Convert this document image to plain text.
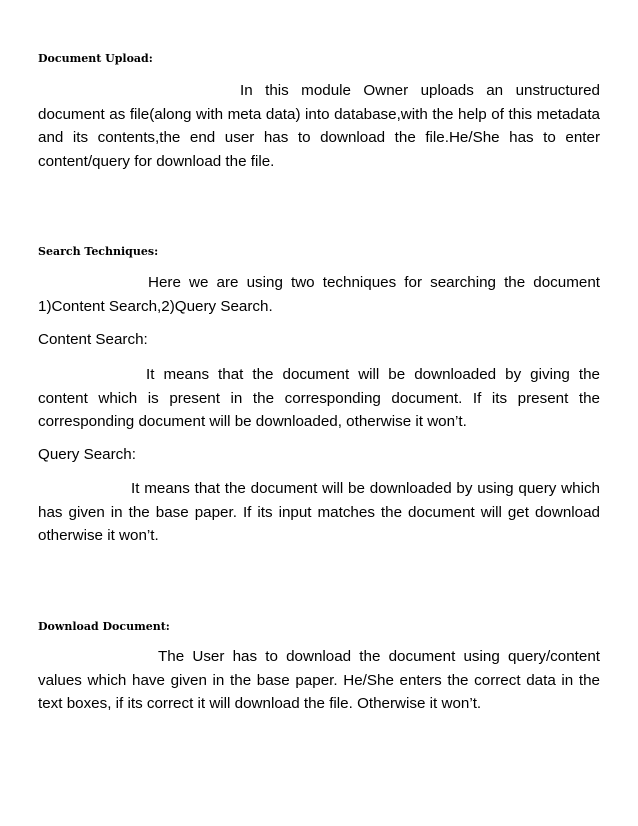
Document Upload:
In this module Owner uploads an unstructured document as file(along with meta data) into database,with the help of this metadata and its contents,the end user has to download the file.He/She has to enter content/query for download the file.
Search Techniques:
Here we are using two techniques for searching the document 1)Content Search,2)Query Search.
Content Search:
It means that the document will be downloaded by giving the content which is present in the corresponding document. If its present the corresponding document will be downloaded, otherwise it won’t.
Query Search:
It means that the document will be downloaded by using query which has given in the base paper. If its input matches the document will get download otherwise it won’t.
Download Document:
The User has to download the document using query/content values which have given in the base paper. He/She enters the correct data in the text boxes, if its correct it will download the file. Otherwise it won’t.
